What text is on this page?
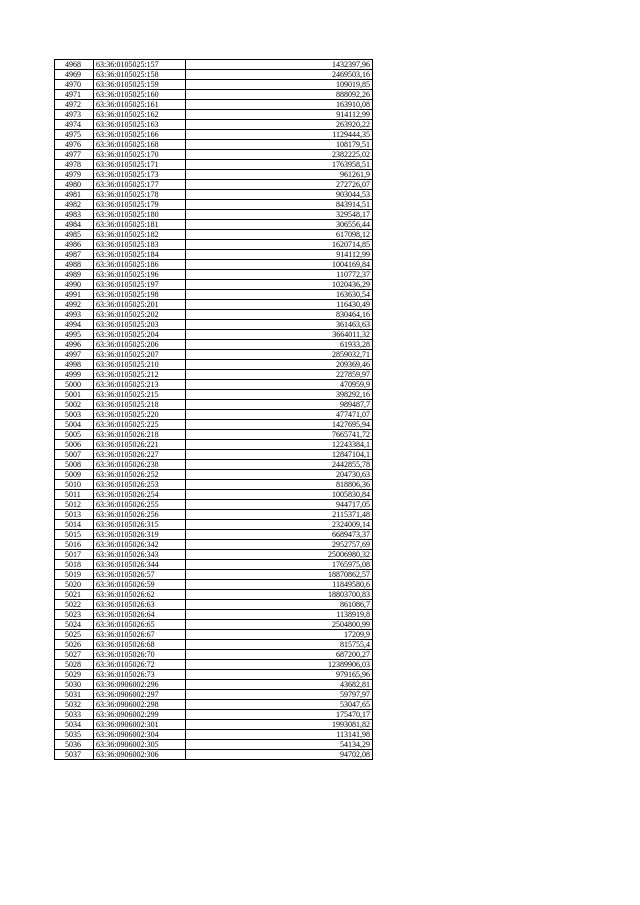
4968	63:36:0105025:157	1432397,96
4969	63:36:0105025:158	2469503,16
4970	63:36:0105025:159	109019,85
4971	63:36:0105025:160	888092,26
4972	63:36:0105025:161	163910,08
4973	63:36:0105025:162	914112,99
4974	63:36:0105025:163	263920,22
4975	63:36:0105025:166	1129444,35
4976	63:36:0105025:168	108179,51
4977	63:36:0105025:170	2382225,02
4978	63:36:0105025:171	1763958,51
4979	63:36:0105025:173	961261,9
4980	63:36:0105025:177	272726,07
4981	63:36:0105025:178	903044,53
4982	63:36:0105025:179	843914,51
4983	63:36:0105025:180	329548,17
4984	63:36:0105025:181	306556,44
4985	63:36:0105025:182	617098,12
4986	63:36:0105025:183	1620714,85
4987	63:36:0105025:184	914112,99
4988	63:36:0105025:186	1004169,84
4989	63:36:0105025:196	110772,37
4990	63:36:0105025:197	1020436,29
4991	63:36:0105025:198	163630,54
4992	63:36:0105025:201	116430,49
4993	63:36:0105025:202	830464,16
4994	63:36:0105025:203	361463,63
4995	63:36:0105025:204	3664011,32
4996	63:36:0105025:206	61933,28
4997	63:36:0105025:207	2859032,71
4998	63:36:0105025:210	209369,46
4999	63:36:0105025:212	227859,97
5000	63:36:0105025:213	470959,9
5001	63:36:0105025:215	398292,16
5002	63:36:0105025:218	989487,7
5003	63:36:0105025:220	477471,07
5004	63:36:0105025:225	1427695,94
5005	63:36:0105026:218	7665741,72
5006	63:36:0105026:221	12243384,1
5007	63:36:0105026:227	12847104,1
5008	63:36:0105026:238	2442855,78
5009	63:36:0105026:252	204730,63
5010	63:36:0105026:253	818806,36
5011	63:36:0105026:254	1005830,84
5012	63:36:0105026:255	944717,05
5013	63:36:0105026:256	2115371,48
5014	63:36:0105026:315	2324009,14
5015	63:36:0105026:319	6689473,37
5016	63:36:0105026:342	2952757,69
5017	63:36:0105026:343	25006980,32
5018	63:36:0105026:344	1765975,08
5019	63:36:0105026:57	18870862,57
5020	63:36:0105026:59	11849580,6
5021	63:36:0105026:62	18803700,83
5022	63:36:0105026:63	861086,7
5023	63:36:0105026:64	1138919,8
5024	63:36:0105026:65	2504800,99
5025	63:36:0105026:67	17209,9
5026	63:36:0105026:68	815755,4
5027	63:36:0105026:70	687200,27
5028	63:36:0105026:72	12389906,03
5029	63:36:0105026:73	979165,96
5030	63:36:0906002:296	43682,81
5031	63:36:0906002:297	59797,97
5032	63:36:0906002:298	53047,65
5033	63:36:0906002:299	175470,17
5034	63:36:0906002:301	1993081,82
5035	63:36:0906002:304	113141,98
5036	63:36:0906002:305	54134,29
5037	63:36:0906002:306	94702,08
